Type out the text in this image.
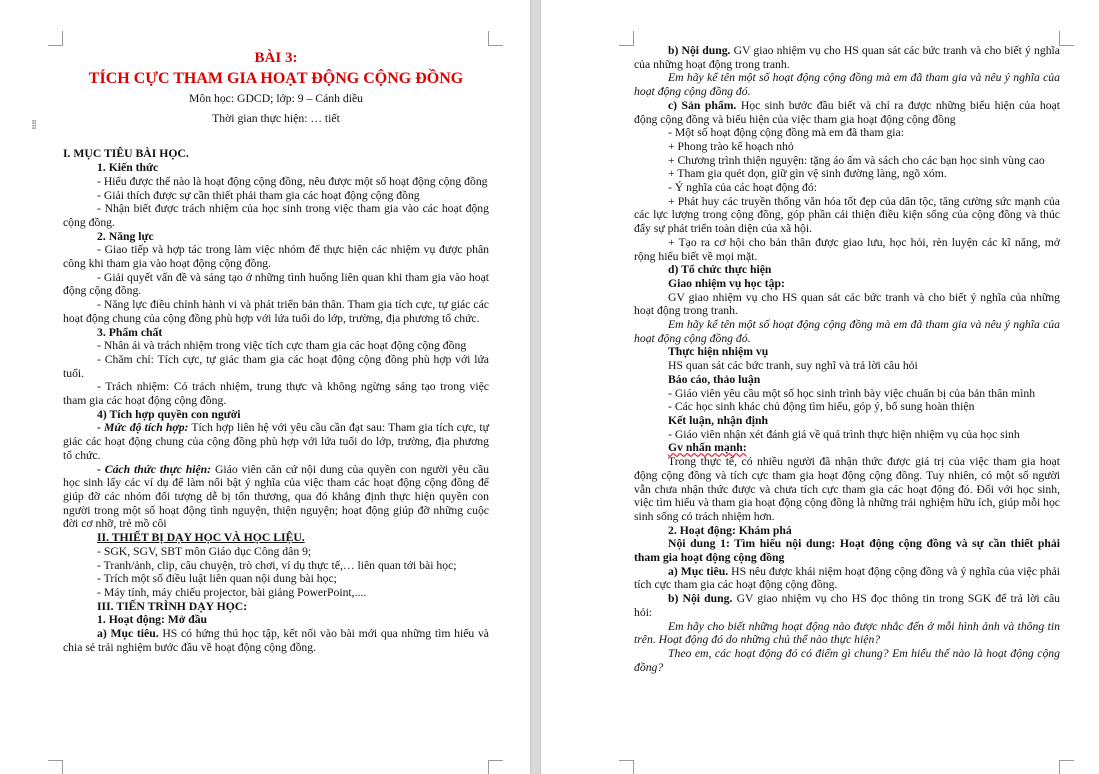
⁞⁞
BÀI 3:
TÍCH CỰC THAM GIA HOẠT ĐỘNG CỘNG ĐỒNG
Môn học: GDCD; lớp: 9 – Cánh diều
Thời gian thực hiện: … tiết
I. MỤC TIÊU BÀI HỌC.
1. Kiến thức
- Hiểu được thế nào là hoạt động cộng đồng, nêu được một số hoạt động cộng đồng
- Giải thích được sự cần thiết phải tham gia các hoạt động cộng đồng
- Nhận biết được trách nhiệm của học sinh trong việc tham gia vào các hoạt động cộng đồng.
2. Năng lực
- Giao tiếp và hợp tác trong làm việc nhóm để thực hiện các nhiệm vụ được phân công khi tham gia vào hoạt động cộng đồng.
- Giải quyết vấn đề và sáng tạo ở những tình huống liên quan khi tham gia vào hoạt động cộng đồng.
- Năng lực điều chỉnh hành vi và phát triển bản thân. Tham gia tích cực, tự giác các hoạt động chung của cộng đồng phù hợp với lứa tuổi do lớp, trường, địa phương tổ chức.
3. Phẩm chất
- Nhân ái và trách nhiệm trong việc tích cực tham gia các hoạt động cộng đồng
- Chăm chỉ: Tích cực, tự giác tham gia các hoạt động cộng đồng phù hợp với lứa tuổi.
- Trách nhiệm: Có trách nhiệm, trung thực và không ngừng sáng tạo trong việc tham gia các hoạt động cộng đồng.
4) Tích hợp quyền con người
- Mức độ tích hợp: Tích hợp liên hệ với yêu cầu cần đạt sau: Tham gia tích cực, tự giác các hoạt động chung của cộng đồng phù hợp với lứa tuổi do lớp, trường, địa phương tổ chức.
- Cách thức thực hiện: Giáo viên căn cứ nội dung của quyền con người yêu cầu học sinh lấy các ví dụ để làm nổi bật ý nghĩa của việc tham các hoạt động cộng đồng để giúp đỡ các nhóm đối tượng dễ bị tổn thương, qua đó khẳng định thực hiện quyền con người trong một số hoạt động tình nguyện, thiện nguyện; hoạt động giúp đỡ những cuộc đời cơ nhỡ, trẻ mồ côi
II. THIẾT BỊ DẠY HỌC VÀ HỌC LIỆU.
- SGK, SGV, SBT môn Giáo dục Công dân 9;
- Tranh/ảnh, clip, câu chuyện, trò chơi, ví dụ thực tế,… liên quan tới bài học;
- Trích một số điều luật liên quan nội dung bài học;
- Máy tính, máy chiếu projector, bài giảng PowerPoint,....
III. TIẾN TRÌNH DẠY HỌC:
1. Hoạt động: Mở đầu
a) Mục tiêu. HS có hứng thú học tập, kết nối vào bài mới qua những tìm hiểu và chia sẻ trải nghiệm bước đầu về hoạt động cộng đồng.
b) Nội dung. GV giao nhiệm vụ cho HS quan sát các bức tranh và cho biết ý nghĩa của những hoạt động trong tranh.
Em hãy kể tên một số hoạt động cộng đồng mà em đã tham gia và nêu ý nghĩa của hoạt động cộng đồng đó.
c) Sản phẩm. Học sinh bước đầu biết và chỉ ra được những biểu hiện của hoạt động cộng đồng và biểu hiện của việc tham gia hoạt động cộng đồng
- Một số hoạt động cộng đồng mà em đã tham gia:
+ Phong trào kế hoạch nhỏ
+ Chương trình thiện nguyện: tặng áo ấm và sách cho các bạn học sinh vùng cao
+ Tham gia quét dọn, giữ gìn vệ sinh đường làng, ngõ xóm.
- Ý nghĩa của các hoạt động đó:
+ Phát huy các truyền thống văn hóa tốt đẹp của dân tộc, tăng cường sức mạnh của các lực lượng trong cộng đồng, góp phần cải thiện điều kiện sống của cộng đồng và thúc đẩy sự phát triển toàn diện của xã hội.
+ Tạo ra cơ hội cho bản thân được giao lưu, học hỏi, rèn luyện các kĩ năng, mở rộng hiểu biết về mọi mặt.
d) Tổ chức thực hiện
Giao nhiệm vụ học tập:
GV giao nhiệm vụ cho HS quan sát các bức tranh và cho biết ý nghĩa của những hoạt động trong tranh.
Em hãy kể tên một số hoạt động cộng đồng mà em đã tham gia và nêu ý nghĩa của hoạt động cộng đồng đó.
Thực hiện nhiệm vụ
HS quan sát các bức tranh, suy nghĩ và trả lời câu hỏi
Báo cáo, thảo luận
- Giáo viên yêu cầu một số học sinh trình bày việc chuẩn bị của bản thân mình
- Các học sinh khác chủ động tìm hiểu, góp ý, bổ sung hoàn thiện
Kết luận, nhận định
- Giáo viên nhận xét đánh giá về quá trình thực hiện nhiệm vụ của học sinh
Gv nhấn mạnh:
Trong thực tế, có nhiều người đã nhận thức được giá trị của việc tham gia hoạt động cộng đồng và tích cực tham gia hoạt động cộng đồng. Tuy nhiên, có một số người vẫn chưa nhận thức được và chưa tích cực tham gia các hoạt động đó. Đối với học sinh, việc tìm hiểu và tham gia hoạt động cộng đồng là những trải nghiệm hữu ích, giúp mỗi học sinh sống có trách nhiệm hơn.
2. Hoạt động: Khám phá
Nội dung 1: Tìm hiểu nội dung: Hoạt động cộng đồng và sự cần thiết phải tham gia hoạt động cộng đồng
a) Mục tiêu. HS nêu được khái niệm hoạt động cộng đồng và ý nghĩa của việc phải tích cực tham gia các hoạt động cộng đồng.
b) Nội dung. GV giao nhiệm vụ cho HS đọc thông tin trong SGK để trả lời câu hỏi:
Em hãy cho biết những hoạt động nào được nhắc đến ở mỗi hình ảnh và thông tin trên. Hoạt động đó do những chủ thể nào thực hiện?
Theo em, các hoạt động đó có điểm gì chung? Em hiểu thế nào là hoạt động cộng đồng?
